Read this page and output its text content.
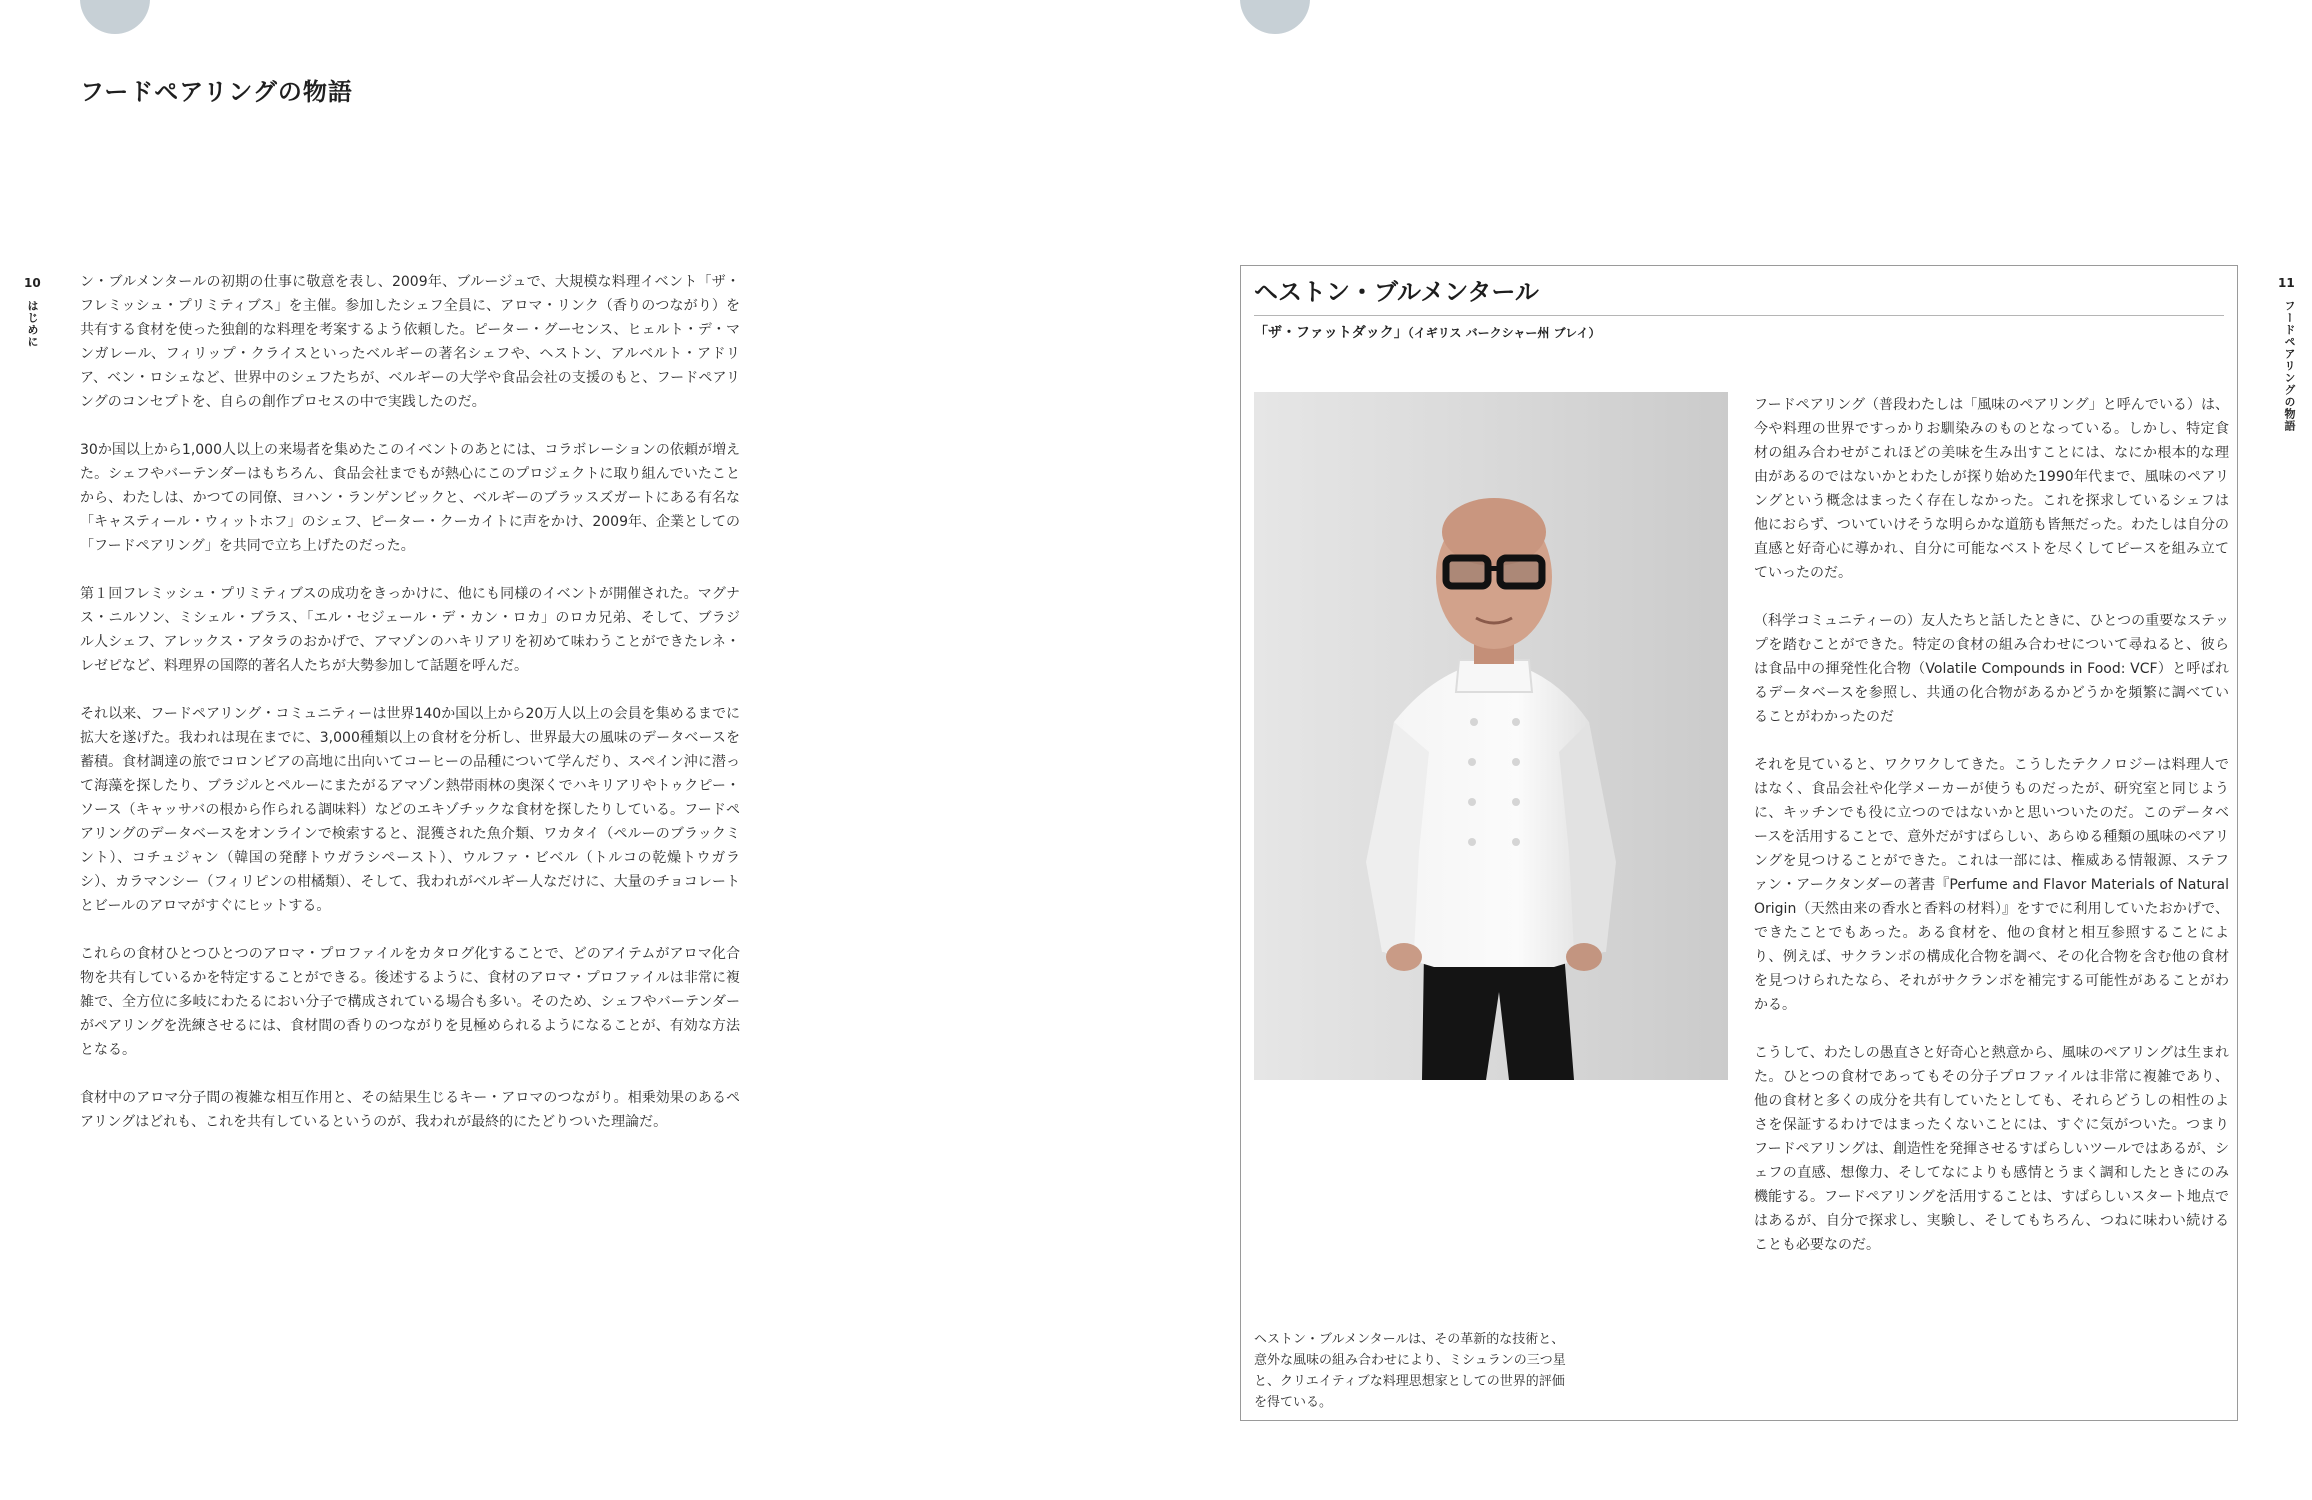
フードペアリングの物語
10
はじめに
11
フードペアリングの物語

ン・ブルメンタールの初期の仕事に敬意を表し、2009年、ブルージュで、大規模な料理イベント「ザ・フレミッシュ・プリミティブス」を主催。参加したシェフ全員に、アロマ・リンク（香りのつながり）を共有する食材を使った独創的な料理を考案するよう依頼した。ピーター・グーセンス、ヒェルト・デ・マンガレール、フィリップ・クライスといったベルギーの著名シェフや、ヘストン、アルベルト・アドリア、ベン・ロシェなど、世界中のシェフたちが、ベルギーの大学や食品会社の支援のもと、フードペアリングのコンセプトを、自らの創作プロセスの中で実践したのだ。

30か国以上から1,000人以上の来場者を集めたこのイベントのあとには、コラボレーションの依頼が増えた。シェフやバーテンダーはもちろん、食品会社までもが熱心にこのプロジェクトに取り組んでいたことから、わたしは、かつての同僚、ヨハン・ランゲンビックと、ベルギーのブラッスズガートにある有名な「キャスティール・ウィットホフ」のシェフ、ピーター・クーカイトに声をかけ、2009年、企業としての「フードペアリング」を共同で立ち上げたのだった。

第１回フレミッシュ・プリミティブスの成功をきっかけに、他にも同様のイベントが開催された。マグナス・ニルソン、ミシェル・ブラス、「エル・セジェール・デ・カン・ロカ」のロカ兄弟、そして、ブラジル人シェフ、アレックス・アタラのおかげで、アマゾンのハキリアリを初めて味わうことができたレネ・レゼピなど、料理界の国際的著名人たちが大勢参加して話題を呼んだ。

それ以来、フードペアリング・コミュニティーは世界140か国以上から20万人以上の会員を集めるまでに拡大を遂げた。我われは現在までに、3,000種類以上の食材を分析し、世界最大の風味のデータベースを蓄積。食材調達の旅でコロンビアの高地に出向いてコーヒーの品種について学んだり、スペイン沖に潜って海藻を探したり、ブラジルとペルーにまたがるアマゾン熱帯雨林の奥深くでハキリアリやトゥクピー・ソース（キャッサバの根から作られる調味料）などのエキゾチックな食材を探したりしている。フードペアリングのデータベースをオンラインで検索すると、混獲された魚介類、ワカタイ（ペルーのブラックミント）、コチュジャン（韓国の発酵トウガラシペースト）、ウルファ・ビベル（トルコの乾燥トウガラシ）、カラマンシー（フィリピンの柑橘類）、そして、我われがベルギー人なだけに、大量のチョコレートとビールのアロマがすぐにヒットする。

これらの食材ひとつひとつのアロマ・プロファイルをカタログ化することで、どのアイテムがアロマ化合物を共有しているかを特定することができる。後述するように、食材のアロマ・プロファイルは非常に複雑で、全方位に多岐にわたるにおい分子で構成されている場合も多い。そのため、シェフやバーテンダーがペアリングを洗練させるには、食材間の香りのつながりを見極められるようになることが、有効な方法となる。

食材中のアロマ分子間の複雑な相互作用と、その結果生じるキー・アロマのつながり。相乗効果のあるペアリングはどれも、これを共有しているというのが、我われが最終的にたどりついた理論だ。

ヘストン・ブルメンタール
「ザ・ファットダック」（イギリス バークシャー州 ブレイ）

フードペアリング（普段わたしは「風味のペアリング」と呼んでいる）は、今や料理の世界ですっかりお馴染みのものとなっている。しかし、特定食材の組み合わせがこれほどの美味を生み出すことには、なにか根本的な理由があるのではないかとわたしが探り始めた1990年代まで、風味のペアリングという概念はまったく存在しなかった。これを探求しているシェフは他におらず、ついていけそうな明らかな道筋も皆無だった。わたしは自分の直感と好奇心に導かれ、自分に可能なベストを尽くしてピースを組み立てていったのだ。

（科学コミュニティーの）友人たちと話したときに、ひとつの重要なステップを踏むことができた。特定の食材の組み合わせについて尋ねると、彼らは食品中の揮発性化合物（Volatile Compounds in Food: VCF）と呼ばれるデータベースを参照し、共通の化合物があるかどうかを頻繁に調べていることがわかったのだ

それを見ていると、ワクワクしてきた。こうしたテクノロジーは料理人ではなく、食品会社や化学メーカーが使うものだったが、研究室と同じように、キッチンでも役に立つのではないかと思いついたのだ。このデータベースを活用することで、意外だがすばらしい、あらゆる種類の風味のペアリングを見つけることができた。これは一部には、権威ある情報源、ステファン・アークタンダーの著書『Perfume and Flavor Materials of Natural Origin（天然由来の香水と香料の材料）』をすでに利用していたおかげで、できたことでもあった。ある食材を、他の食材と相互参照することにより、例えば、サクランボの構成化合物を調べ、その化合物を含む他の食材を見つけられたなら、それがサクランボを補完する可能性があることがわかる。

こうして、わたしの愚直さと好奇心と熱意から、風味のペアリングは生まれた。ひとつの食材であってもその分子プロファイルは非常に複雑であり、他の食材と多くの成分を共有していたとしても、それらどうしの相性のよさを保証するわけではまったくないことには、すぐに気がついた。つまりフードペアリングは、創造性を発揮させるすばらしいツールではあるが、シェフの直感、想像力、そしてなによりも感情とうまく調和したときにのみ機能する。フードペアリングを活用することは、すばらしいスタート地点ではあるが、自分で探求し、実験し、そしてもちろん、つねに味わい続けることも必要なのだ。

ヘストン・ブルメンタールは、その革新的な技術と、意外な風味の組み合わせにより、ミシュランの三つ星と、クリエイティブな料理思想家としての世界的評価を得ている。
